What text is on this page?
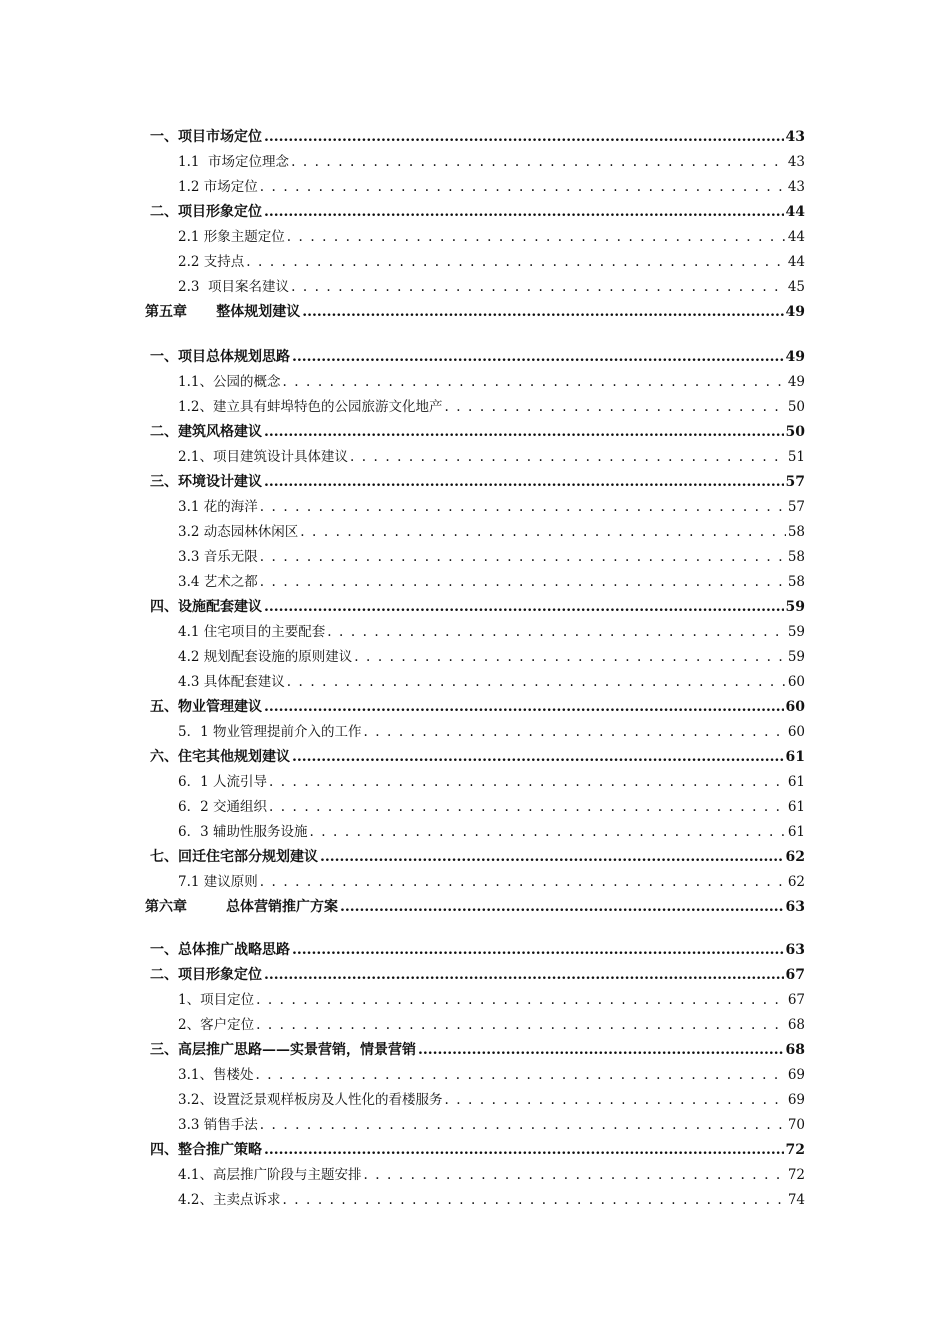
一、项目市场定位 .....	43
1.1  市场定位理念 . . .	43
1.2 市场定位 . . .	43
二、项目形象定位 .....	44
2.1 形象主题定位 . . .	44
2.2 支持点 . . .	44
2.3  项目案名建议 . . .	45
第五章      整体规划建议 .....	49
一、项目总体规划思路 .....	49
1.1、公园的概念 . . .	49
1.2、建立具有蚌埠特色的公园旅游文化地产 . . .	50
二、建筑风格建议 .....	50
2.1、项目建筑设计具体建议 . . .	51
三、环境设计建议 .....	57
3.1 花的海洋 . . .	57
3.2 动态园林休闲区 . . .	58
3.3 音乐无限 . . .	58
3.4 艺术之都 . . .	58
四、设施配套建议 .....	59
4.1 住宅项目的主要配套 . . .	59
4.2 规划配套设施的原则建议 . . .	59
4.3 具体配套建议 . . .	60
五、物业管理建议 .....	60
5．1 物业管理提前介入的工作 . . .	60
六、住宅其他规划建议 .....	61
6．1 人流引导 . . .	61
6．2 交通组织 . . .	61
6．3 辅助性服务设施 . . .	61
七、回迁住宅部分规划建议 .....	62
7.1 建议原则 . . .	62
第六章        总体营销推广方案 .....	63
一、总体推广战略思路 .....	63
二、项目形象定位 .....	67
1、项目定位 . . .	67
2、客户定位 . . .	68
三、高层推广思路——实景营销，情景营销 .....	68
3.1、售楼处 . . .	69
3.2、设置泛景观样板房及人性化的看楼服务 . . .	69
3.3 销售手法 . . .	70
四、整合推广策略 .....	72
4.1、高层推广阶段与主题安排 . . .	72
4.2、主卖点诉求 . . .	74
